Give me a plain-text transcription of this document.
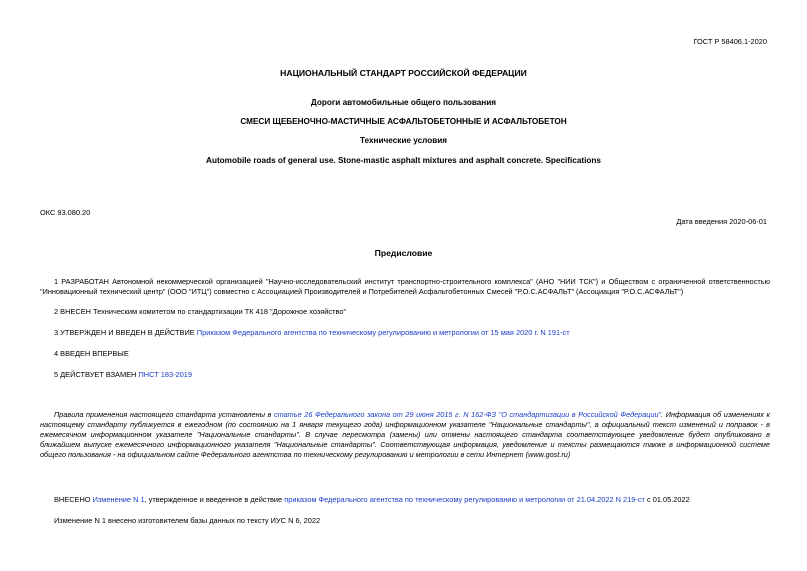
ГОСТ Р 58406.1-2020
НАЦИОНАЛЬНЫЙ СТАНДАРТ РОССИЙСКОЙ ФЕДЕРАЦИИ
Дороги автомобильные общего пользования
СМЕСИ ЩЕБЕНОЧНО-МАСТИЧНЫЕ АСФАЛЬТОБЕТОННЫЕ И АСФАЛЬТОБЕТОН
Технические условия
Automobile roads of general use. Stone-mastic asphalt mixtures and asphalt concrete. Specifications
ОКС 93.080.20
Дата введения 2020-06-01
Предисловие
1 РАЗРАБОТАН Автономной некоммерческой организацией "Научно-исследовательский институт транспортно-строительного комплекса" (АНО "НИИ ТСК") и Обществом с ограниченной ответственностью "Инновационный технический центр" (ООО "ИТЦ") совместно с Ассоциацией Производителей и Потребителей Асфальтобетонных Смесей "Р.О.С.АСФАЛЬТ" (Ассоциация "Р.О.С.АСФАЛЬТ")
2 ВНЕСЕН Техническим комитетом по стандартизации ТК 418 "Дорожное хозяйство"
3 УТВЕРЖДЕН И ВВЕДЕН В ДЕЙСТВИЕ Приказом Федерального агентства по техническому регулированию и метрологии от 15 мая 2020 г. N 191-ст
4 ВВЕДЕН ВПЕРВЫЕ
5 ДЕЙСТВУЕТ ВЗАМЕН ПНСТ 183-2019
Правила применения настоящего стандарта установлены в статье 26 Федерального закона от 29 июня 2015 г. N 162-ФЗ "О стандартизации в Российской Федерации". Информация об изменениях к настоящему стандарту публикуется в ежегодном (по состоянию на 1 января текущего года) информационном указателе "Национальные стандарты", а официальный текст изменений и поправок - в ежемесячном информационном указателе "Национальные стандарты". В случае пересмотра (замены) или отмены настоящего стандарта соответствующее уведомление будет опубликовано в ближайшем выпуске ежемесячного информационного указателя "Национальные стандарты". Соответствующая информация, уведомление и тексты размещаются также в информационной системе общего пользования - на официальном сайте Федерального агентства по техническому регулированию и метрологии в сети Интернет (www.gost.ru)
ВНЕСЕНО Изменение N 1, утвержденное и введенное в действие приказом Федерального агентства по техническому регулированию и метрологии от 21.04.2022 N 219-ст с 01.05.2022
Изменение N 1 внесено изготовителем базы данных по тексту ИУС N 6, 2022
